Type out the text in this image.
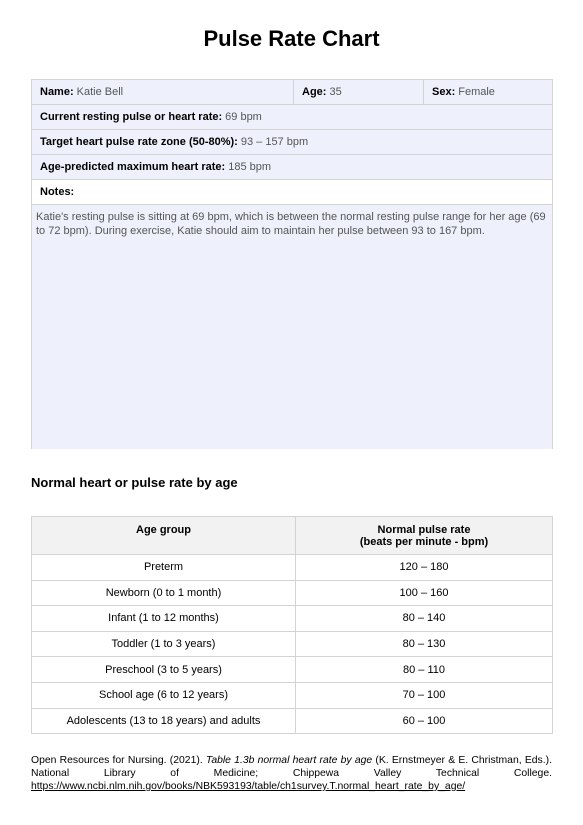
Pulse Rate Chart
Name: Katie Bell	Age: 35	Sex: Female
Current resting pulse or heart rate: 69 bpm
Target heart pulse rate zone (50-80%): 93 – 157 bpm
Age-predicted maximum heart rate: 185 bpm
Notes:
Katie's resting pulse is sitting at 69 bpm, which is between the normal resting pulse range for her age (69 to 72 bpm). During exercise, Katie should aim to maintain her pulse between 93 to 167 bpm.
Normal heart or pulse rate by age
Age group	Normal pulse rate
(beats per minute - bpm)

Preterm	120 – 180
Newborn (0 to 1 month)	100 – 160
Infant (1 to 12 months)	80 – 140
Toddler (1 to 3 years)	80 – 130
Preschool (3 to 5 years)	80 – 110
School age (6 to 12 years)	70 – 100
Adolescents (13 to 18 years) and adults	60 – 100
Open Resources for Nursing. (2021). Table 1.3b normal heart rate by age (K. Ernstmeyer & E. Christman, Eds.). National Library of Medicine; Chippewa Valley Technical College. https://www.ncbi.nlm.nih.gov/books/NBK593193/table/ch1survey.T.normal_heart_rate_by_age/
